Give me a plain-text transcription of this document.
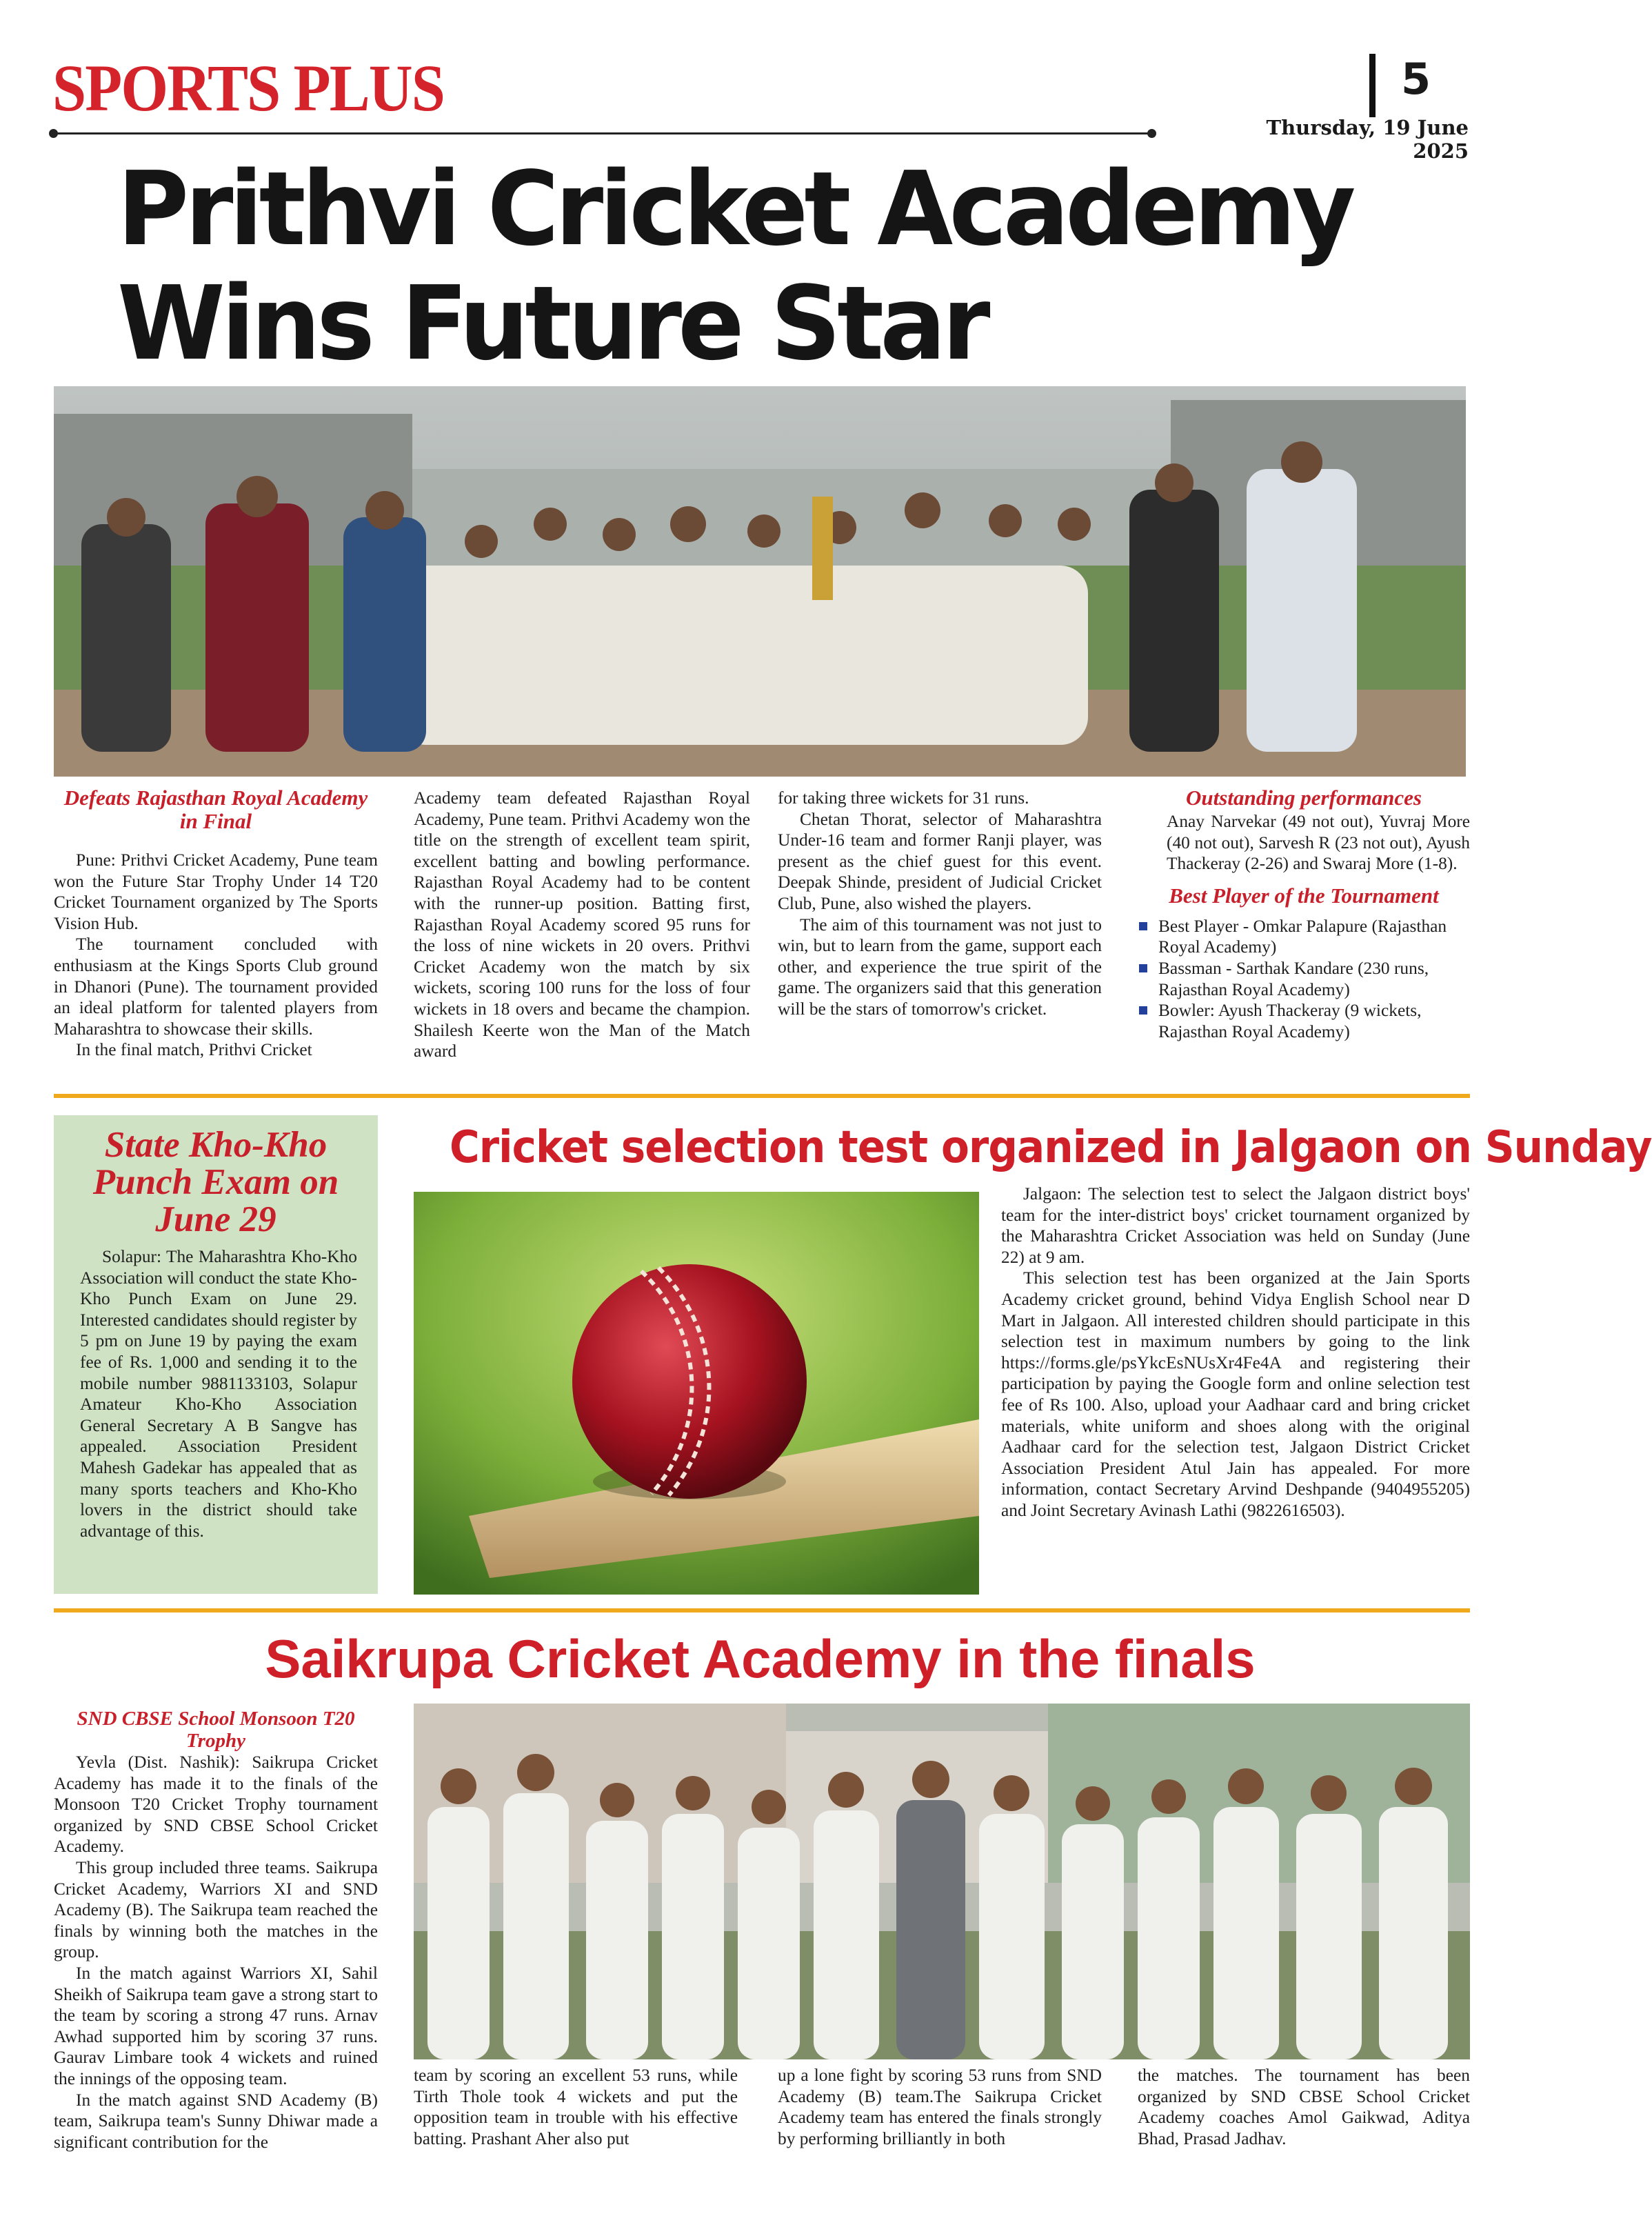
SPORTS PLUS	5
Thursday, 19 June 2025
Prithvi Cricket Academy
Wins Future Star
Defeats Rajasthan Royal Academy in Final

Pune: Prithvi Cricket Academy, Pune team won the Future Star Trophy Under 14 T20 Cricket Tournament organized by The Sports Vision Hub.

The tournament concluded with enthusiasm at the Kings Sports Club ground in Dhanori (Pune). The tournament provided an ideal platform for talented players from Maharashtra to showcase their skills.

In the final match, Prithvi Cricket

Academy team defeated Rajasthan Royal Academy, Pune team. Prithvi Academy won the title on the strength of excellent team spirit, excellent batting and bowling performance. Rajasthan Royal Academy had to be content with the runner-up position. Batting first, Rajasthan Royal Academy scored 95 runs for the loss of nine wickets in 20 overs. Prithvi Cricket Academy won the match by six wickets, scoring 100 runs for the loss of four wickets in 18 overs and became the champion. Shailesh Keerte won the Man of the Match award
for taking three wickets for 31 runs.

Chetan Thorat, selector of Maharashtra Under-16 team and former Ranji player, was present as the chief guest for this event. Deepak Shinde, president of Judicial Cricket Club, Pune, also wished the players.

The aim of this tournament was not just to win, but to learn from the game, support each other, and experience the true spirit of the game. The organizers said that this generation will be the stars of tomorrow's cricket.

Outstanding performances
Anay Narvekar (49 not out), Yuvraj More (40 not out), Sarvesh R (23 not out), Ayush Thackeray (2-26) and Swaraj More (1-8).
Best Player of the Tournament
Best Player - Omkar Palapure (Rajasthan Royal Academy)
Bassman - Sarthak Kandare (230 runs, Rajasthan Royal Academy)
Bowler: Ayush Thackeray (9 wickets, Rajasthan Royal Academy)
State Kho-Kho Punch Exam on June 29

Solapur: The Maharashtra Kho-Kho Association will conduct the state Kho-Kho Punch Exam on June 29. Interested candidates should register by 5 pm on June 19 by paying the exam fee of Rs. 1,000 and sending it to the mobile number 9881133103, Solapur Amateur Kho-Kho Association General Secretary A B Sangve has appealed. Association President Mahesh Gadekar has appealed that as many sports teachers and Kho-Kho lovers in the district should take advantage of this.

Cricket selection test organized in Jalgaon on Sunday

Jalgaon: The selection test to select the Jalgaon district boys' team for the inter-district boys' cricket tournament organized by the Maharashtra Cricket Association was held on Sunday (June 22) at 9 am.

This selection test has been organized at the Jain Sports Academy cricket ground, behind Vidya English School near D Mart in Jalgaon. All interested children should participate in this selection test in maximum numbers by going to the link https://forms.gle/psYkcEsNUsXr4Fe4A and registering their participation by paying the Google form and online selection test fee of Rs 100. Also, upload your Aadhaar card and bring cricket materials, white uniform and shoes along with the original Aadhaar card for the selection test, Jalgaon District Cricket Association President Atul Jain has appealed. For more information, contact Secretary Arvind Deshpande (9404955205) and Joint Secretary Avinash Lathi (9822616503).

Saikrupa Cricket Academy in the finals
SND CBSE School Monsoon T20 Trophy

Yevla (Dist. Nashik): Saikrupa Cricket Academy has made it to the finals of the Monsoon T20 Cricket Trophy tournament organized by SND CBSE School Cricket Academy.

This group included three teams. Saikrupa Cricket Academy, Warriors XI and SND Academy (B). The Saikrupa team reached the finals by winning both the matches in the group.

In the match against Warriors XI, Sahil Sheikh of Saikrupa team gave a strong start to the team by scoring a strong 47 runs. Arnav Awhad supported him by scoring 37 runs. Gaurav Limbare took 4 wickets and ruined the innings of the opposing team.

In the match against SND Academy (B) team, Saikrupa team's Sunny Dhiwar made a significant contribution for the

team by scoring an excellent 53 runs, while Tirth Thole took 4 wickets and put the opposition team in trouble with his effective batting. Prashant Aher also put
up a lone fight by scoring 53 runs from SND Academy (B) team.The Saikrupa Cricket Academy team has entered the finals strongly by performing brilliantly in both
the matches. The tournament has been organized by SND CBSE School Cricket Academy coaches Amol Gaikwad, Aditya Bhad, Prasad Jadhav.
